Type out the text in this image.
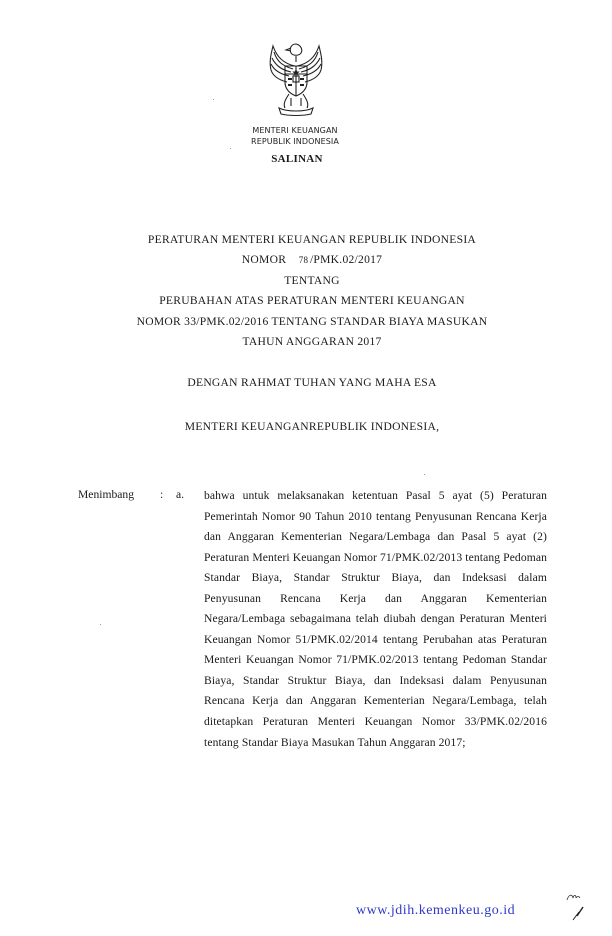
MENTERI KEUANGAN
REPUBLIK INDONESIA
SALINAN
PERATURAN MENTERI KEUANGAN REPUBLIK INDONESIA
NOMOR 78 /PMK.02/2017
TENTANG
PERUBAHAN ATAS PERATURAN MENTERI KEUANGAN
NOMOR 33/PMK.02/2016 TENTANG STANDAR BIAYA MASUKAN
TAHUN ANGGARAN 2017
DENGAN RAHMAT TUHAN YANG MAHA ESA
MENTERI KEUANGANREPUBLIK INDONESIA,
Menimbang : a. bahwa untuk melaksanakan ketentuan Pasal 5 ayat (5) Peraturan Pemerintah Nomor 90 Tahun 2010 tentang Penyusunan Rencana Kerja dan Anggaran Kementerian Negara/Lembaga dan Pasal 5 ayat (2) Peraturan Menteri Keuangan Nomor 71/PMK.02/2013 tentang Pedoman Standar Biaya, Standar Struktur Biaya, dan Indeksasi dalam Penyusunan Rencana Kerja dan Anggaran Kementerian Negara/Lembaga sebagaimana telah diubah dengan Peraturan Menteri Keuangan Nomor 51/PMK.02/2014 tentang Perubahan atas Peraturan Menteri Keuangan Nomor 71/PMK.02/2013 tentang Pedoman Standar Biaya, Standar Struktur Biaya, dan Indeksasi dalam Penyusunan Rencana Kerja dan Anggaran Kementerian Negara/Lembaga, telah ditetapkan Peraturan Menteri Keuangan Nomor 33/PMK.02/2016 tentang Standar Biaya Masukan Tahun Anggaran 2017;
www.jdih.kemenkeu.go.id
